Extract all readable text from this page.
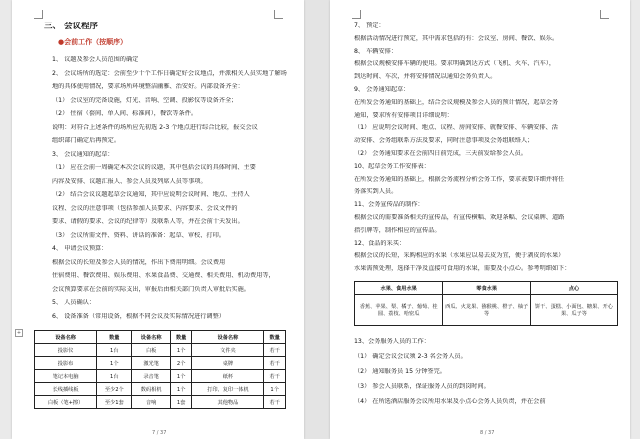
三、 会议程序
●会前工作（按顺序）
1、 议题及参会人员范围的确定
2、 会议场所的选定：会前至少十个工作日确定好会议地点，并派相关人员实地了解场
地的具体使用情况，要求场所环境整洁幽雅、治安好。内部设备齐全：
（1） 会议室的完备设施，灯光、音响、空调、投影仪等设备齐全；
（2） 住宿（套间、单人间、标准间），餐饮等条件。
说明：对符合上述条件的场所应先初选 2-3 个地点进行综合比较，报交会议
组织部门确定后再预定。
3、 会议通知的起草：
（1） 应在会前一周确定本次会议的议题，其中包括会议的具体时间、主要
内容及安排、议题汇报人、参会人员及列席人员等事项。
（2） 结合会议议题起草会议通知，其中应说明会议时间、地点、主持人
议程、会议的注意事项（包括参加人员要求、内容要求、会议文件的
要求、请假的要求、会议的纪律等）及联系人等，并在会前十天发出。
（3） 会议所需文件、资料、讲话的准备：起草、审校、打印。
4、 申请会议预算：
根据会议的长短及参会人员的情况，作出下费用明细。会议费用
住宿费用、餐饮费用、娱乐费用、水果食品费、交通费、相关费用、机动费用等，
会议预算要求在会前的实际支出，审报后由相关部门负责人审批后实施。
5、 人员确认：
6、 设备准备（常用设备，根据不同会议及实际情况进行调整）
+
设备名称	数量	设备名称	数量	设备名称	数量
投影仪	1台	白板	1个	文件夹	若干
投影布	1个	激光笔	2个	桌牌	若干
笔记本电脑	1台	录音笔	1个	纸杯	若干
长线插线板	至少2个	数码相机	1个	打印、复印一体机	1个
白板（笔+擦）	至少1套	音响	1套	其他物品	若干
7 / 37
7、 预定：
根据活动情况进行预定，其中需求包括的有：会议室、房间、餐饮、娱乐。
8、 车辆安排：
根据会议规模安排车辆的使用。要求明确到达方式（飞机、火车、汽车），
到达时间、车次，并将安排情况以通知会务负责人。
9、 会务通知起草：
在所发会务通知的基础上，结合会议规模及参会人员的预计情况，起草会务
通知，要求所有安排项目详细说明：
（1） 应说明会议时间、地点、议程、房间安排、就餐安排、车辆安排、活
动安排、会务组联系方法及要求，同时注意事项及会务组联络人；
（2） 会务通知要求在会前四日前完成，三天前发给参会人员。
10、起草会务工作安排表：
在所发会务通知的基础上，根据会务流程分析会务工作，要求表要详细并将任
务落实到人员。
11、会务宣传品的制作：
根据会议的需要准备相关的宣传品，有宣传横幅、欢迎条幅、会议桌牌、道路
指引牌等，制作相应的宣传品。
12、食品的采买：
根据会议的长短，采购相应的水果（水果应以易去皮为宜，便于剥皮的水果）
水果需预处理，选择干净及直接可食用的水果，需要及小点心。参考明细如下：
水果、食用水果	零食水果	点心
香蕉、苹果、梨、橘子、葡萄、桂圆、荔枝、哈密瓜	西瓜、火龙果、猕猴桃、橙子、柚子等	饼干、蛋糕、小面包、糖果、开心果、瓜子等
13、会务服务人员的工作：
（1） 确定会议会议须 2-3 名会务人员。
（2） 通知服务员 15 分钟签完。
（3） 参会人员联系，保证服务人员的到岗时间。
（4） 在所选酒店服务会议所用水果及小点心会务人员负责，并在会前
8 / 37
